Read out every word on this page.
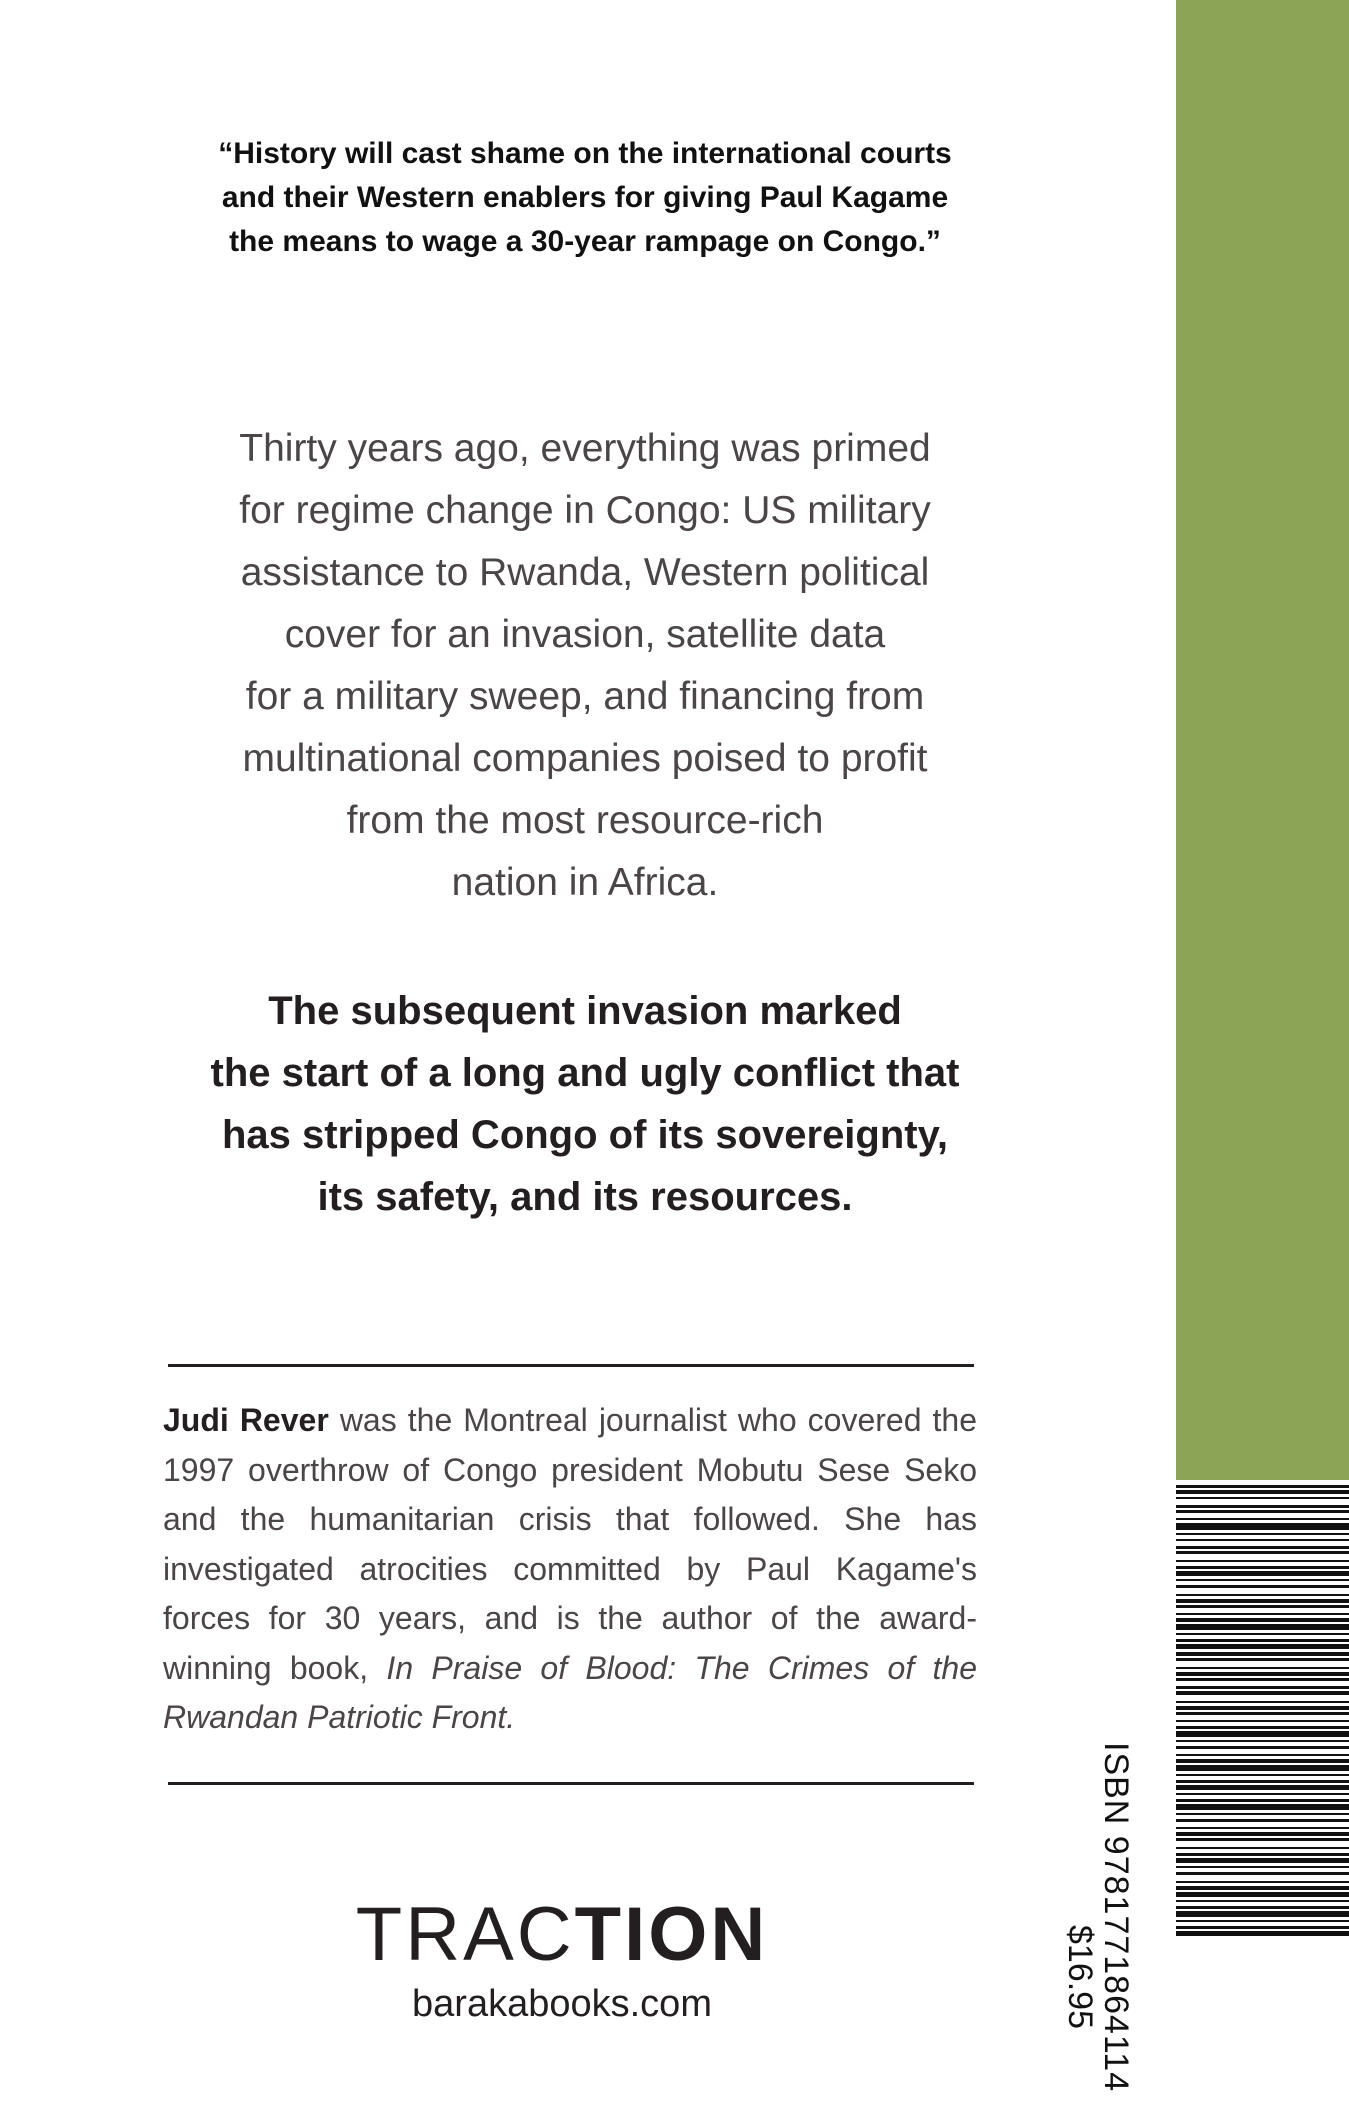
“History will cast shame on the international courts
and their Western enablers for giving Paul Kagame
the means to wage a 30-year rampage on Congo.”
Thirty years ago, everything was primed
for regime change in Congo: US military
assistance to Rwanda, Western political
cover for an invasion, satellite data
for a military sweep, and financing from
multinational companies poised to profit
from the most resource-rich
nation in Africa.
The subsequent invasion marked
the start of a long and ugly conflict that
has stripped Congo of its sovereignty,
its safety, and its resources.
Judi Rever was the Montreal journalist who covered the 1997 overthrow of Congo president Mobutu Sese Seko and the humanitarian crisis that followed. She has investigated atrocities committed by Paul Kagame's forces for 30 years, and is the author of the award-winning book, In Praise of Blood: The Crimes of the Rwandan Patriotic Front.
TRACTION
barakabooks.com	ISBN 9781771864114
$16.95
